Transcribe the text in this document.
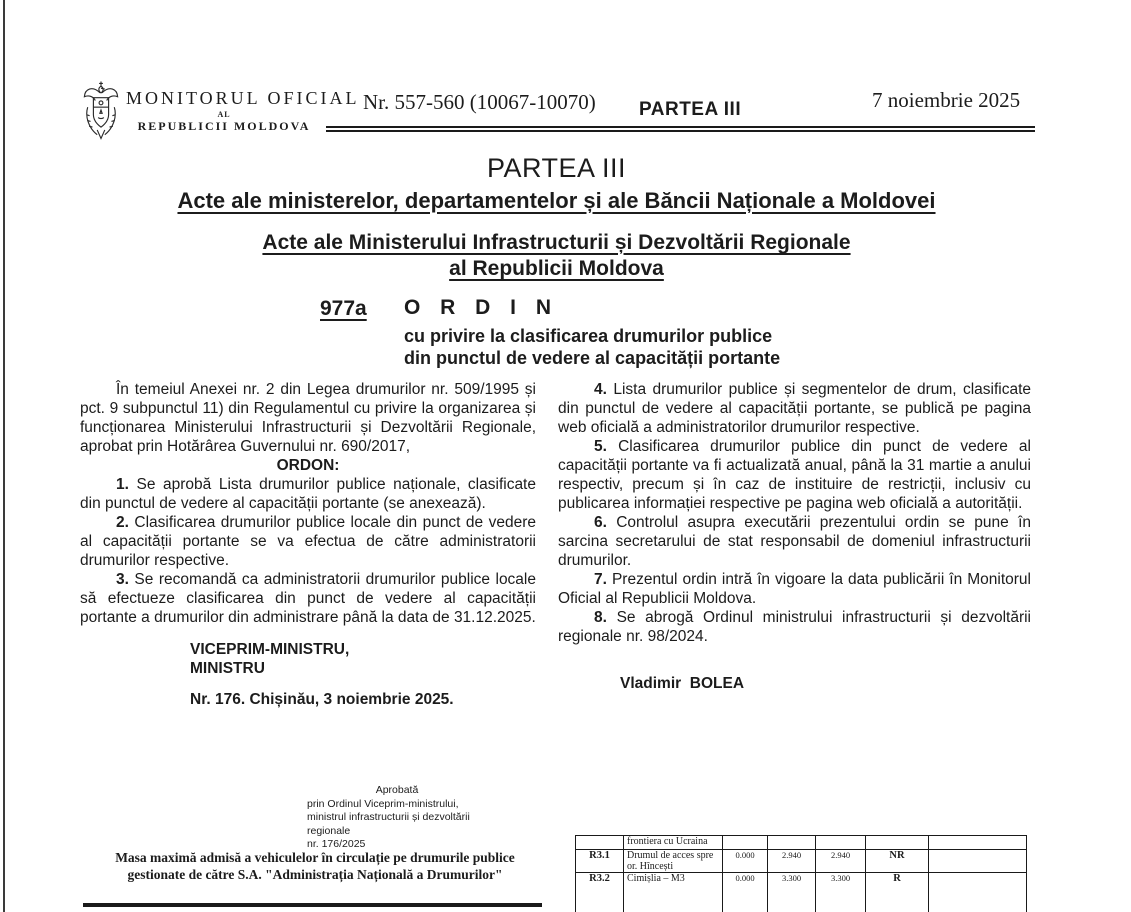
MONITORUL OFICIAL
AL
REPUBLICII MOLDOVA
Nr. 557-560 (10067-10070) PARTEA III	7 noiembrie 2025
PARTEA III
Acte ale ministerelor, departamentelor și ale Băncii Naționale a Moldovei
Acte ale Ministerului Infrastructurii și Dezvoltării Regionale
al Republicii Moldova
977a O R D I N
cu privire la clasificarea drumurilor publice
din punctul de vedere al capacității portante

În temeiul Anexei nr. 2 din Legea drumurilor nr. 509/1995 și pct. 9 subpunctul 11) din Regulamentul cu privire la organizarea și funcționarea Ministerului Infrastructurii și Dezvoltării Regionale, aprobat prin Hotărârea Guvernului nr. 690/2017,

ORDON:

1. Se aprobă Lista drumurilor publice naționale, clasificate din punctul de vedere al capacității portante (se anexează).

2. Clasificarea drumurilor publice locale din punct de vedere al capacității portante se va efectua de către administratorii drumurilor respective.

3. Se recomandă ca administratorii drumurilor publice locale să efectueze clasificarea din punct de vedere al capacității portante a drumurilor din administrare până la data de 31.12.2025.

VICEPRIM-MINISTRU,
MINISTRU
Nr. 176. Chișinău, 3 noiembrie 2025.

4. Lista drumurilor publice și segmentelor de drum, clasificate din punctul de vedere al capacității portante, se publică pe pagina web oficială a administratorilor drumurilor respective.

5. Clasificarea drumurilor publice din punct de vedere al capacității portante va fi actualizată anual, până la 31 martie a anului respectiv, precum și în caz de instituire de restricții, inclusiv cu publicarea informației respective pe pagina web oficială a autorității.

6. Controlul asupra executării prezentului ordin se pune în sarcina secretarului de stat responsabil de domeniul infrastructurii drumurilor.

7. Prezentul ordin intră în vigoare la data publicării în Monitorul Oficial al Republicii Moldova.

8. Se abrogă Ordinul ministrului infrastructurii și dezvoltării regionale nr. 98/2024.

Vladimir  BOLEA
Aprobată
prin Ordinul Viceprim-ministrului,
ministrul infrastructurii și dezvoltării regionale
nr. 176/2025
Masa maximă admisă a vehiculelor în circulație pe drumurile publice
gestionate de către S.A. "Administrația Națională a Drumurilor"
	frontiera cu Ucraina					
R3.1	Drumul de acces spre or. Hîncești	0.000	2.940	2.940	NR	
R3.2	Cimișlia – M3	0.000	3.300	3.300	R	
